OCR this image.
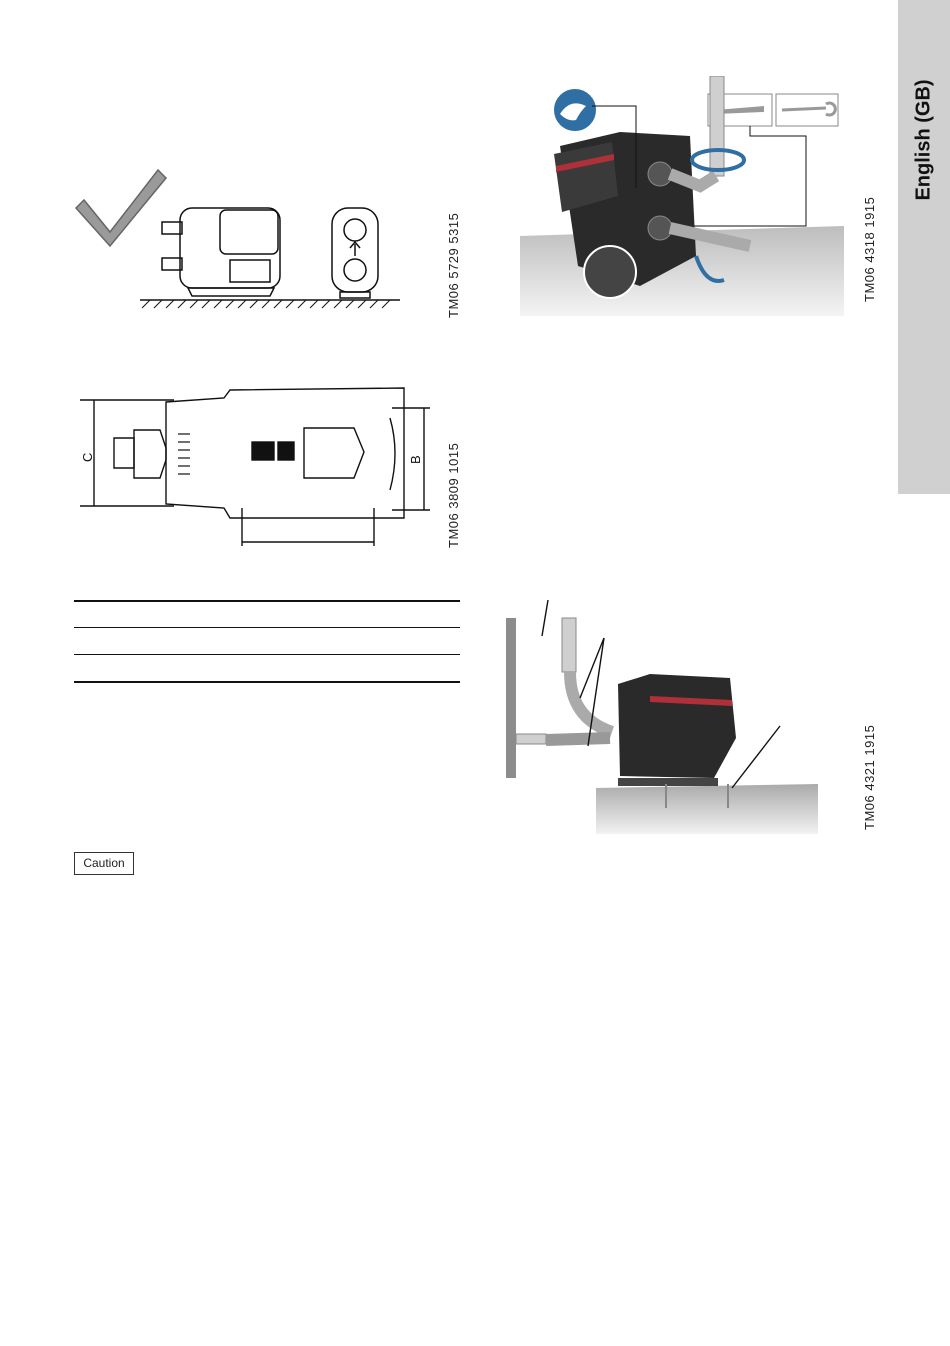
English (GB)
TM06 5729 5315
C	B TM06 3809 1015
TM06 4318 1915
TM06 4321 1915
Caution
